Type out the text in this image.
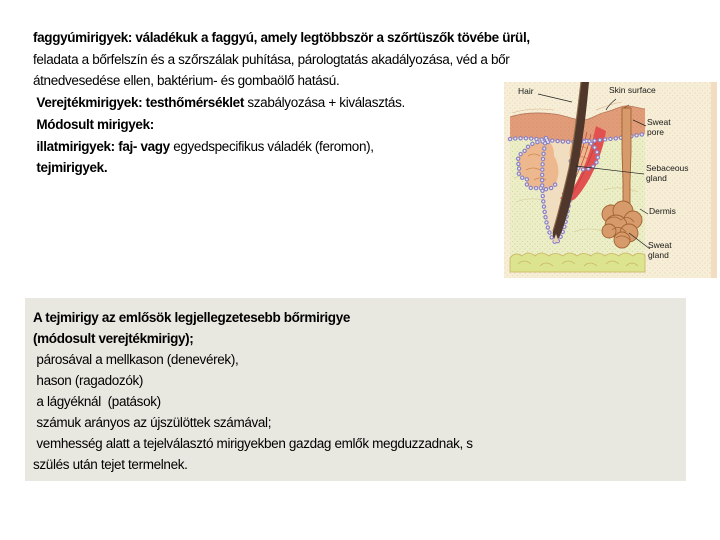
faggyúmirigyek: váladékuk a faggyú, amely legtöbbször a szőrtüszők tövébe ürül,
feladata a bőrfelszín és a szőrszálak puhítása, párologtatás akadályozása, véd a bőr
átnedvesedése ellen, baktérium- és gombaölő hatású.
Verejtékmirigyek: testhőmérséklet szabályozása + kiválasztás.
Módosult mirigyek:
illatmirigyek: faj- vagy egyedspecifikus váladék (feromon),
tejmirigyek.
Hair	Skin surface
Sweat pore
Sebaceous gland
Dermis
Sweat gland
A tejmirigy az emlősök legjellegzetesebb bőrmirigye
(módosult verejtékmirigy);
párosával a mellkason (denevérek),
hason (ragadozók)
a lágyéknál  (patások)
számuk arányos az újszülöttek számával;
vemhesség alatt a tejelválasztó mirigyekben gazdag emlők megduzzadnak, s
szülés után tejet termelnek.
